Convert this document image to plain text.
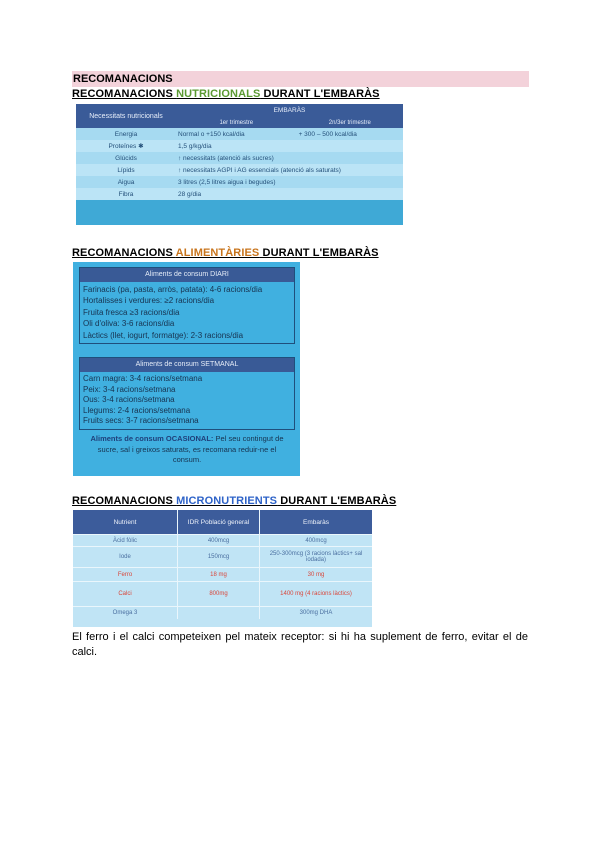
RECOMANACIONS
RECOMANACIONS NUTRICIONALS DURANT L'EMBARÀS
Necessitats nutricionals	EMBARÀS	
	1er trimestre	2n/3er trimestre
Energia	Normal o +150 kcal/dia	+ 300 – 500 kcal/dia
Proteïnes ✱	1,5 g/kg/dia	
Glúcids	↑ necessitats (atenció als sucres)	
Lípids	↑ necessitats AGPI i AG essencials (atenció als saturats)	
Aigua	3 litres (2,5 litres aigua i begudes)	
Fibra	28 g/dia	
RECOMANACIONS ALIMENTÀRIES DURANT L'EMBARÀS
Aliments de consum DIARI
Farinacis (pa, pasta, arròs, patata): 4-6 racions/dia
Hortalisses i verdures: ≥2 racions/dia
Fruita fresca ≥3 racions/dia
Oli d'oliva: 3-6 racions/dia
Làctics (llet, iogurt, formatge): 2-3 racions/dia
Aliments de consum SETMANAL
Carn magra: 3-4 racions/setmana
Peix: 3-4 racions/setmana
Ous: 3-4 racions/setmana
Llegums: 2-4 racions/setmana
Fruits secs: 3-7 racions/setmana
Aliments de consum OCASIONAL: Pel seu contingut de sucre, sal i greixos saturats, es recomana reduir-ne el consum.
RECOMANACIONS MICRONUTRIENTS DURANT L'EMBARÀS
Nutrient	IDR Població general	Embaràs
Àcid fòlic	400mcg	400mcg
Iode	150mcg	250-300mcg (3 racions làctics+ sal iodada)
Ferro	18 mg	30 mg
Calci	800mg	1400 mg (4 racions làctics)
Omega 3		300mg DHA
El ferro i el calci competeixen pel mateix receptor: si hi ha suplement de ferro, evitar el de calci.
